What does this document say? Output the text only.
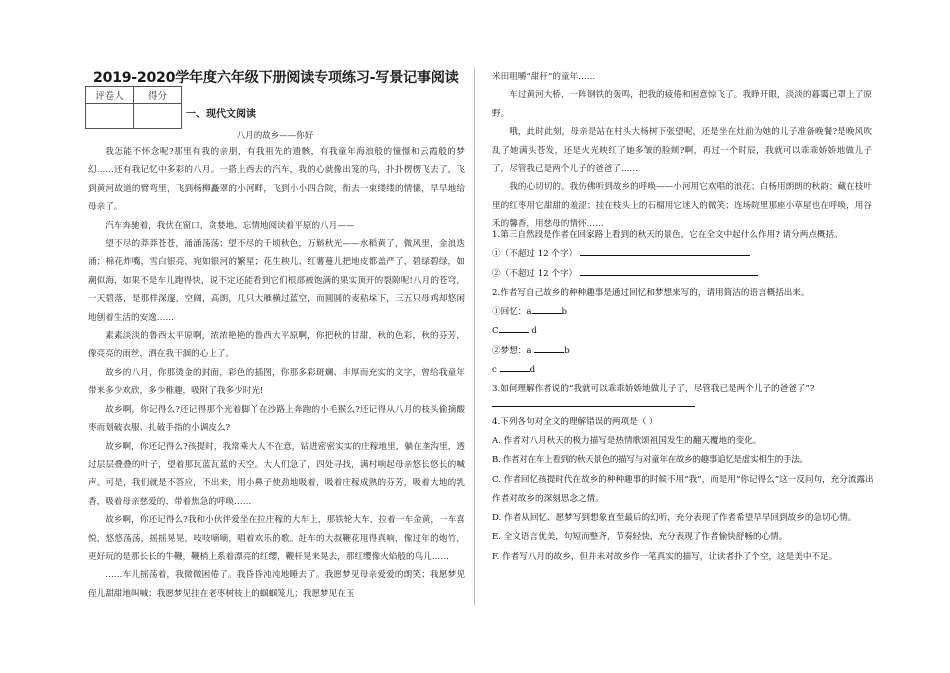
2019-2020学年度六年级下册阅读专项练习-写景记事阅读
评卷人	得分

一、现代文阅读
八月的故乡——你好

我怎能不怀念呢?那里有我的亲朋，有我祖先的遗骸，有我童年海浪般的憧憬和云霞般的梦幻……还有我记忆中多彩的八月。一搭上西去的汽车，我的心就像出笼的鸟，扑扑楞楞飞去了，飞到黄河故道的臂弯里，飞到杨柳矗翠的小河畔，飞到小小四合院，衔去一束缕缕的情愫，早早地给母亲了。

汽车奔驰着，我伏在窗口，贪婪地、忘情地阅读着平原的八月——

望不尽的莽莽苍苍，涌涌荡荡；望不尽的千顷秋色，万斛秋光——水稻黄了，微风里，金浪迭涌；棉花炸嘴，雪白银亮，宛如银河的繁星；花生秧儿、红薯蔓儿把地皮都盖严了，碧绿碧绿，如潮似海，如果不是车儿跑得快，说不定还能看到它们根部被饱满的果实顶开的裂隙呢!八月的苍穹，一天碧落，是那样深邃，空阔，高朗，几只大雁横过蓝空，而圆圆的麦秸垛下，三五只母鸡却悠闲地刨着生活的安逸……

素素淡淡的鲁西太平原啊，浓浓艳艳的鲁西大平原啊，你把秋的甘甜，秋的色彩，秋的芬芳，像亮亮的雨丝，洒在我干涸的心上了。

故乡的八月，你那烫金的封面，彩色的插图，你那多彩斑斓、丰厚而充实的文字，曾给我童年带来多少欢欣，多少稚趣，吸附了我多少时光!

故乡啊，你记得么?还记得那个光着脚丫在沙路上奔跑的小毛猴么?还记得从八月的枝头偷摘酸枣而划破衣服、扎破手指的小调皮么?

故乡啊，你还记得么?孩提时，我常乘大人不在意，钻进密密实实的庄稼地里，躺在垄沟里，透过层层叠叠的叶子，望着那瓦蓝瓦蓝的天空。大人们急了，四处寻找，满村响起母亲悠长悠长的喊声。可是，我们就是不答应，不出来，用小鼻子使劲地吸着，吸着庄稼成熟的芬芳，吸着大地的乳香，吸着母亲慈爱的、带着焦急的呼唤……

故乡啊，你还记得么?我和小伙伴爱坐在拉庄稼的大车上，那铁轮大车，拉着一车金黄，一车喜悦，悠悠荡荡，摇摇晃晃，吱吱嘀嘀，唱着欢乐的歌。赶车的大叔鞭花甩得真响，像过年的炮竹，更好玩的是那长长的牛鞭，鞭梢上系着漂亮的红缨，鞭杆晃来晃去，那红缨像火焰般的鸟儿……

……车儿摇荡着，我微微困倦了。我昏昏沌沌地睡去了。我愿梦见母亲爱爱的朗笑；我愿梦见侄儿甜甜地叫喊；我愿梦见挂在老枣树枝上的蝈蝈笼儿；我愿梦见在玉

米田咀嚼“甜秆”的童年……

车过黄河大桥，一阵钢铁的轰鸣，把我的疲倦和困意惊飞了。我睁开眼，淡淡的暮霭已罩上了原野。

哦，此时此刻，母亲是站在村头大杨树下张望呢，还是坐在灶前为她的儿子准备晚餐?是晚风吹乱了她满头苍发，还是火光映红了她多皱的脸颊?啊，再过一个时辰，我就可以乖乖娇娇地做儿子了，尽管我已是两个儿子的爸爸了……

我的心切切的。我仿佛听到故乡的呼唤——小河用它欢唱的浪花；白杨用朗朗的秋韵；藏在枝叶里的红枣用它甜甜的羞涩；挂在枝头上的石榴用它迷人的微笑；连场院里那座小草屋也在呼唤，用谷禾的馨香，用慈母的情怀……

1.第三自然段是作者在回家路上看到的秋天的景色，它在全文中起什么作用? 请分两点概括。

①（不超过 12 个字）

②（不超过 12 个字）

2.作者写自己故乡的种种趣事是通过回忆和梦想来写的，请用简洁的语言概括出来。

①回忆：a	b

C	d

②梦想：a	b

c	d

3.如何理解作者说的“我就可以乖乖娇娇地做儿子了，尽管我已是两个儿子的爸爸了”?

4.下列各句对全文的理解错误的两项是（ ）

A. 作者对八月秋天的极力描写是热情歌颂祖国发生的翻天覆地的变化。

B. 作者对在车上看到的秋天景色的描写与对童年在故乡的趣事追忆是虚实相生的手法。

C. 作者回忆孩提时代在故乡的种种趣事的时候不用“我”，而是用“你记得么”这一反问句，充分流露出作者对故乡的深刻思念之情。

D. 作者从回忆、愿梦写到想象直至最后的幻听，充分表现了作者希望早早回到故乡的急切心情。

E. 全文语言优美，句短而整齐，节奏轻快，充分表现了作者愉快舒畅的心情。

F. 作者写八月的故乡，但并未对故乡作一笔真实的描写，让读者扑了个空，这是美中不足。
